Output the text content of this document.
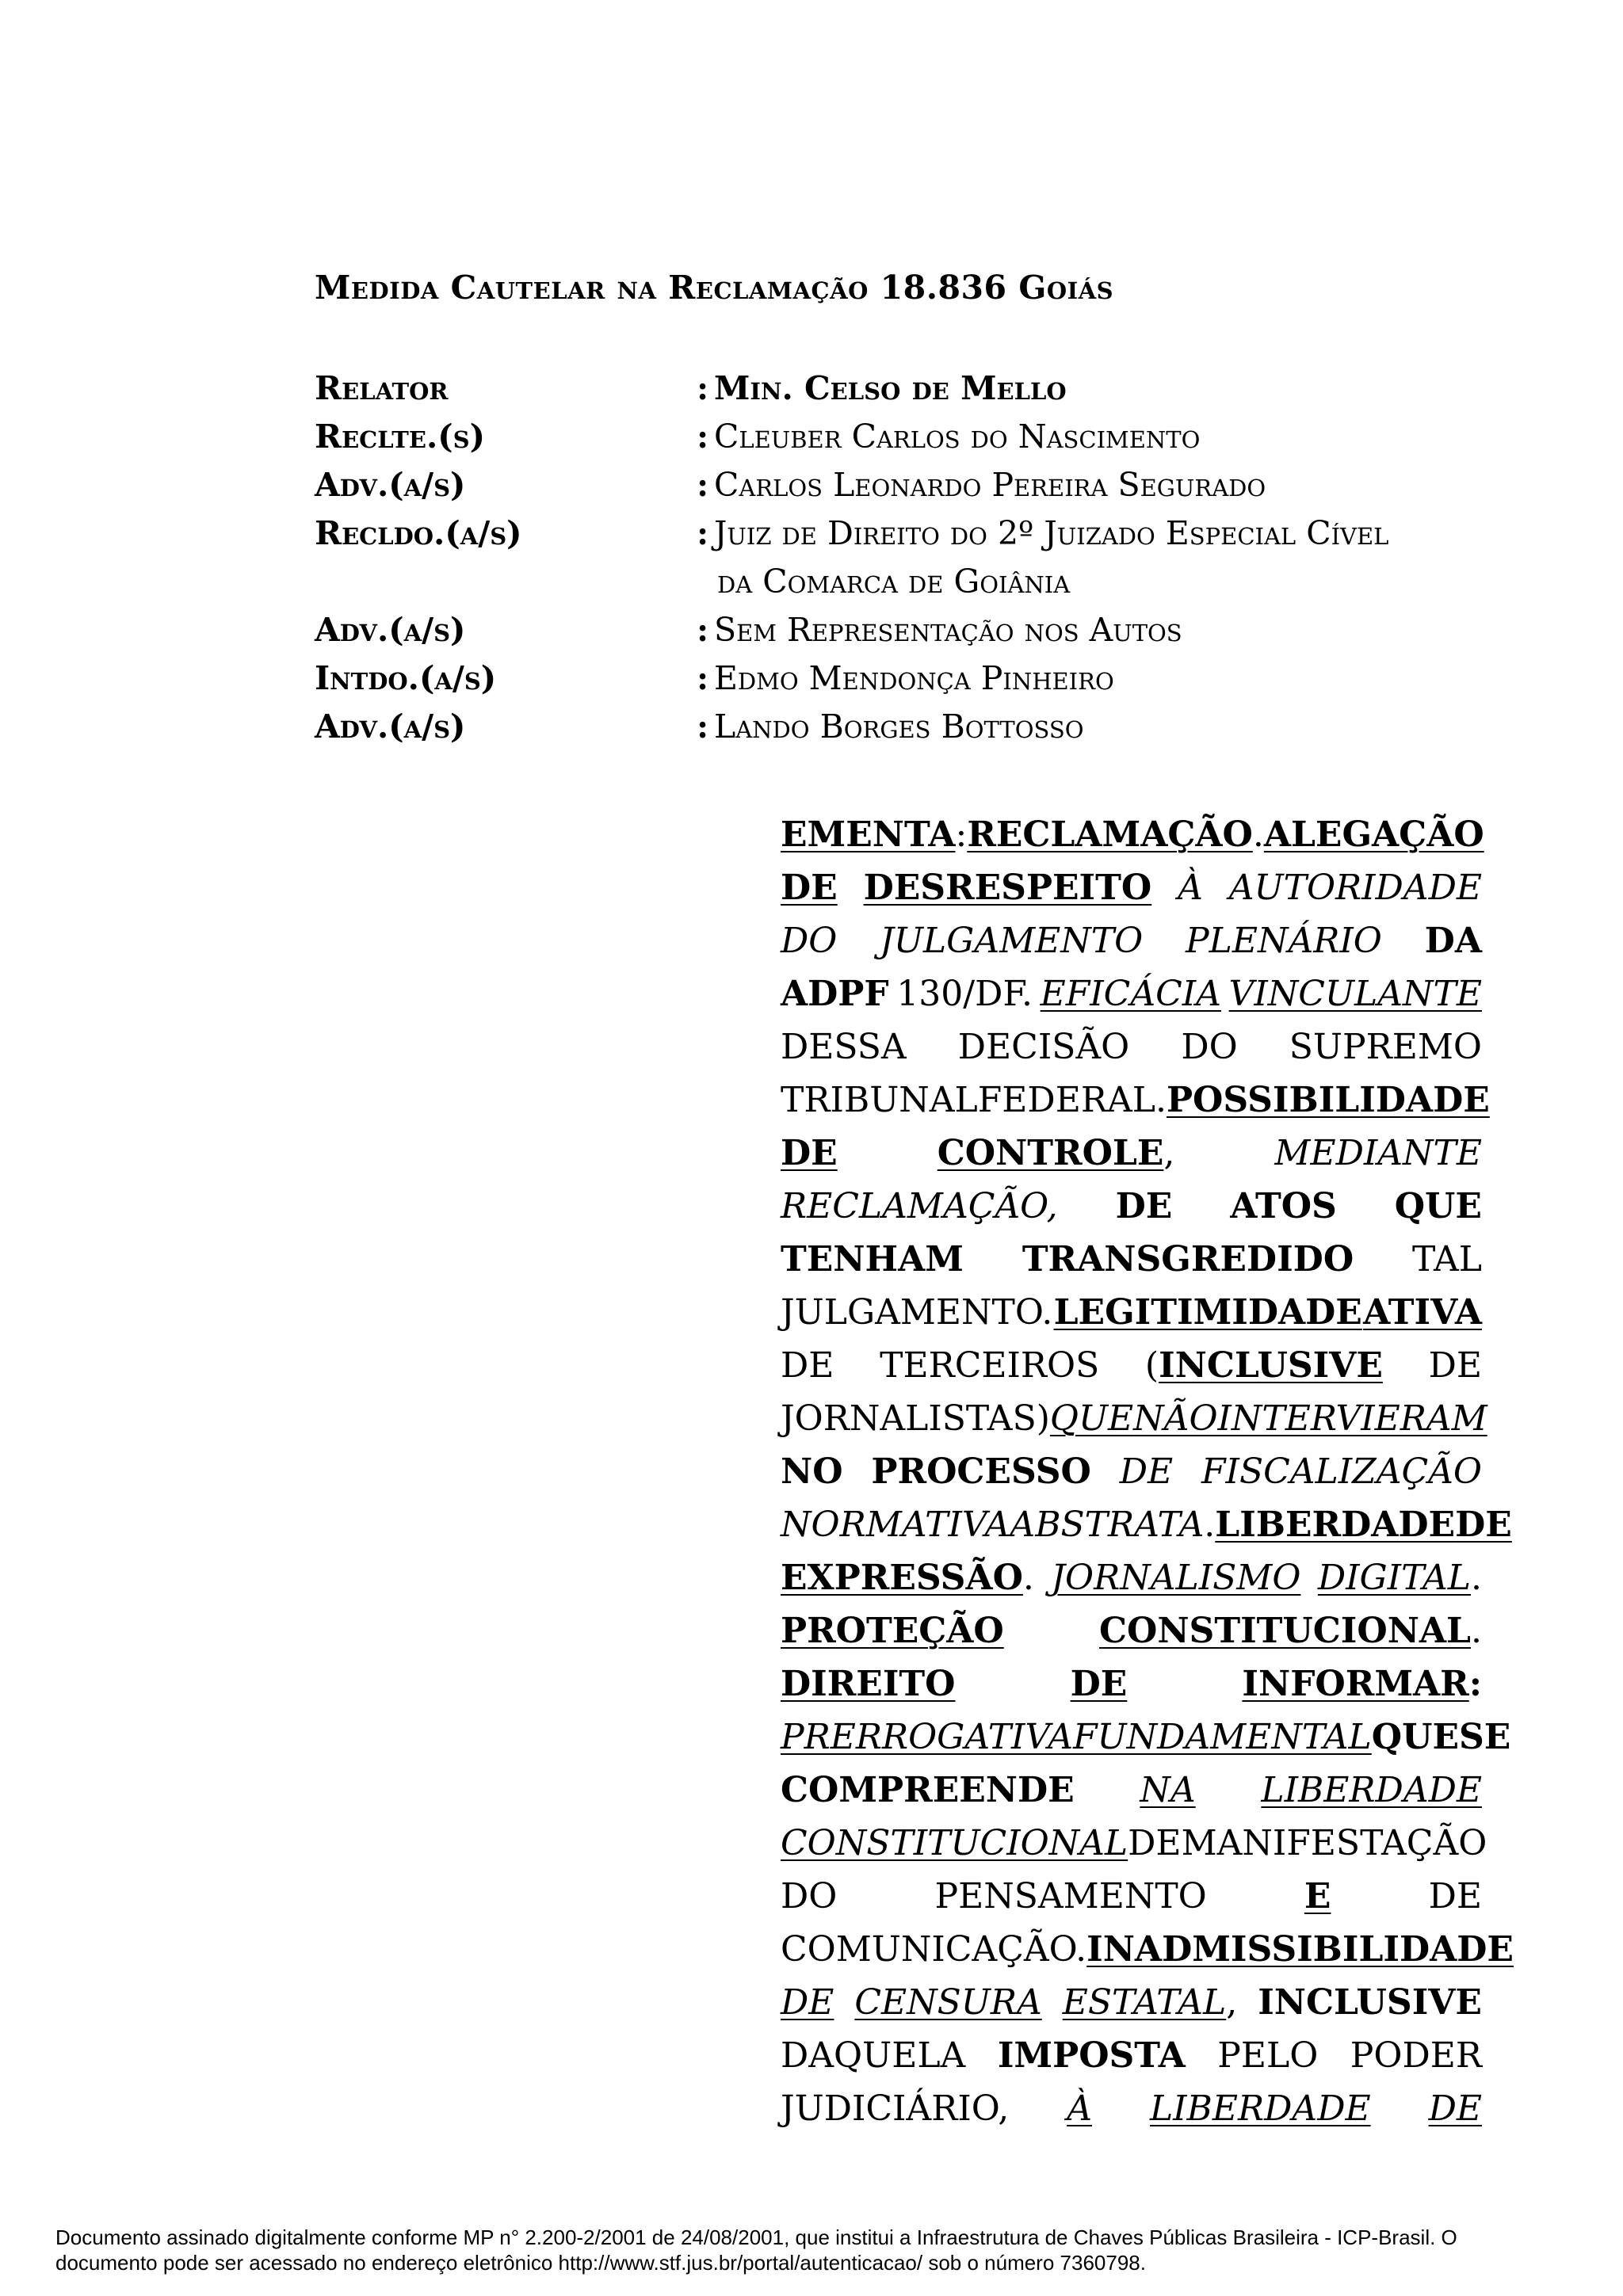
Medida Cautelar na Reclamação 18.836 Goiás
Relator	: Min. Celso de Mello
Reclte.(s)	: Cleuber Carlos do Nascimento
Adv.(a/s)	: Carlos Leonardo Pereira Segurado
Recldo.(a/s)	: Juiz de Direito do 2º Juizado Especial Cível
da Comarca de Goiânia
Adv.(a/s)	: Sem Representação nos Autos
Intdo.(a/s)	: Edmo Mendonça Pinheiro
Adv.(a/s)	: Lando Borges Bottosso
EMENTA: RECLAMAÇÃO. ALEGAÇÃO
DE DESRESPEITO À AUTORIDADE
DO JULGAMENTO PLENÁRIO DA
ADPF 130/DF. EFICÁCIA VINCULANTE
DESSA DECISÃO DO SUPREMO
TRIBUNAL FEDERAL. POSSIBILIDADE
DE	CONTROLE,	MEDIANTE
RECLAMAÇÃO, DE ATOS QUE
TENHAM TRANSGREDIDO TAL
JULGAMENTO. LEGITIMIDADE ATIVA
DE TERCEIROS (INCLUSIVE DE
JORNALISTAS) QUE NÃO INTERVIERAM
NO PROCESSO DE FISCALIZAÇÃO
NORMATIVA ABSTRATA. LIBERDADE DE
EXPRESSÃO. JORNALISMO DIGITAL.
PROTEÇÃO	CONSTITUCIONAL.
DIREITO	DE	INFORMAR:
PRERROGATIVA FUNDAMENTAL QUE SE
COMPREENDE NA LIBERDADE
CONSTITUCIONAL DE MANIFESTAÇÃO
DO	PENSAMENTO	E	DE
COMUNICAÇÃO. INADMISSIBILIDADE
DE CENSURA ESTATAL, INCLUSIVE
DAQUELA IMPOSTA PELO PODER
JUDICIÁRIO, À LIBERDADE DE
Documento assinado digitalmente conforme MP n° 2.200-2/2001 de 24/08/2001, que institui a Infraestrutura de Chaves Públicas Brasileira - ICP-Brasil. O
documento pode ser acessado no endereço eletrônico http://www.stf.jus.br/portal/autenticacao/ sob o número 7360798.
